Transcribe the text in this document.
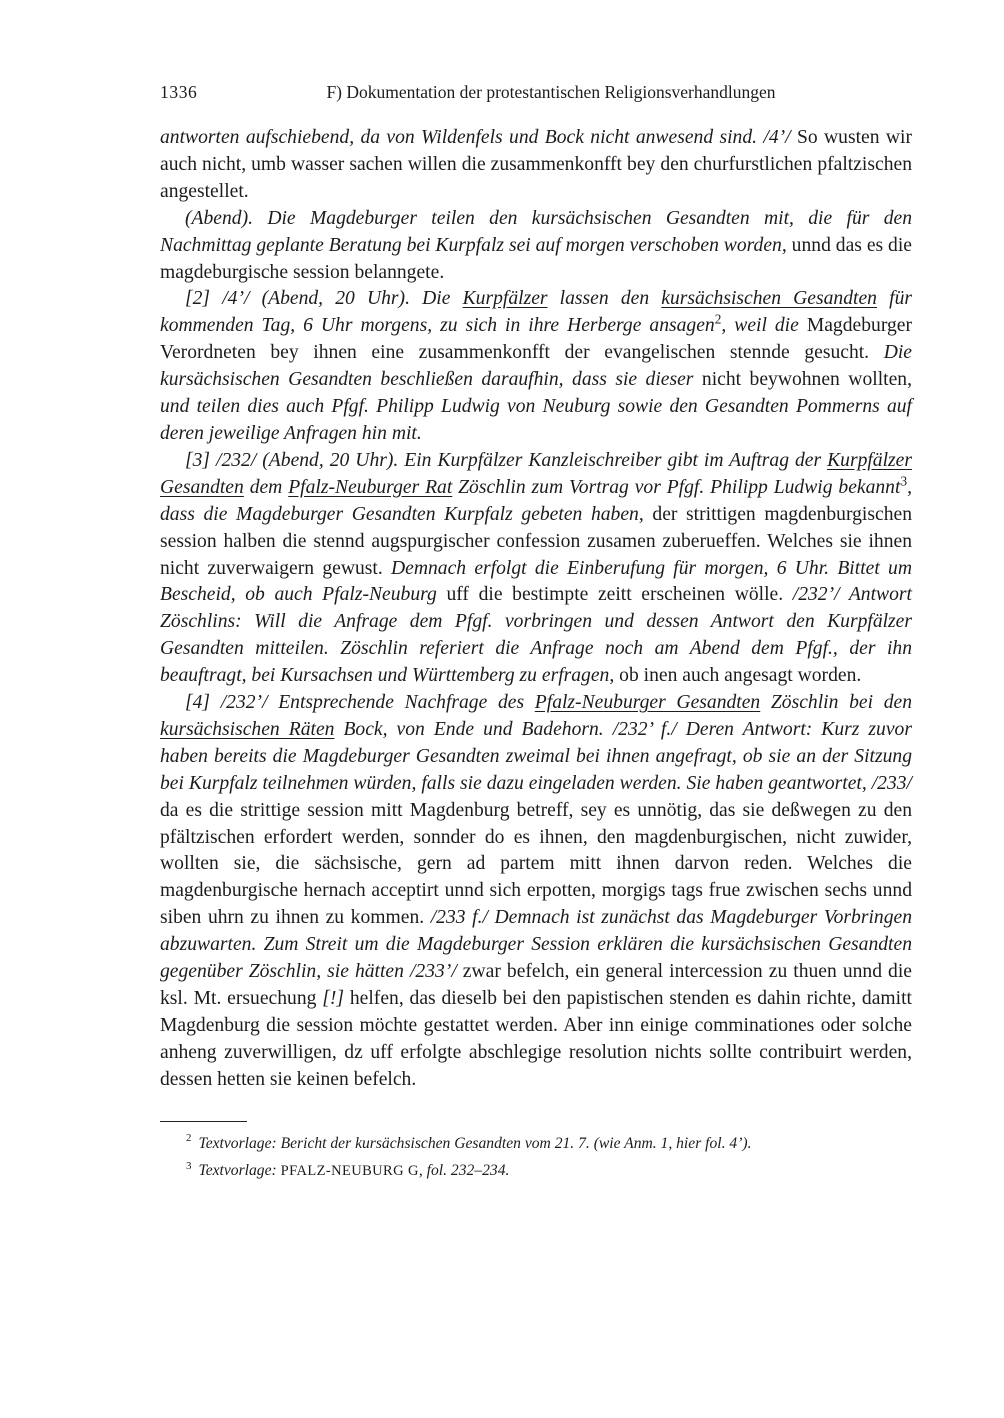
1336	F) Dokumentation der protestantischen Religionsverhandlungen

antworten aufschiebend, da von Wildenfels und Bock nicht anwesend sind. /4’/ So wusten wir auch nicht, umb wasser sachen willen die zusammenkonfft bey den churfurstlichen pfaltzischen angestellet.

(Abend). Die Magdeburger teilen den kursächsischen Gesandten mit, die für den Nachmittag geplante Beratung bei Kurpfalz sei auf morgen verschoben worden, unnd das es die magdeburgische session belanngete.

[2] /4’/ (Abend, 20 Uhr). Die Kurpfälzer lassen den kursächsischen Gesandten für kommenden Tag, 6 Uhr morgens, zu sich in ihre Herberge ansagen$^2$, weil die Magdeburger Verordneten bey ihnen eine zusammenkonfft der evangelischen stennde gesucht. Die kursächsischen Gesandten beschließen daraufhin, dass sie dieser nicht beywohnen wollten, und teilen dies auch Pfgf. Philipp Ludwig von Neuburg sowie den Gesandten Pommerns auf deren jeweilige Anfragen hin mit.

[3] /232/ (Abend, 20 Uhr). Ein Kurpfälzer Kanzleischreiber gibt im Auftrag der Kurpfälzer Gesandten dem Pfalz-Neuburger Rat Zöschlin zum Vortrag vor Pfgf. Philipp Ludwig bekannt$^3$, dass die Magdeburger Gesandten Kurpfalz gebeten haben, der strittigen magdenburgischen session halben die stennd augspurgischer confession zusamen zuberueffen. Welches sie ihnen nicht zuverwaigern gewust. Demnach erfolgt die Einberufung für morgen, 6 Uhr. Bittet um Bescheid, ob auch Pfalz-Neuburg uff die bestimpte zeitt erscheinen wölle. /232’/ Antwort Zöschlins: Will die Anfrage dem Pfgf. vorbringen und dessen Antwort den Kurpfälzer Gesandten mitteilen. Zöschlin referiert die Anfrage noch am Abend dem Pfgf., der ihn beauftragt, bei Kursachsen und Württemberg zu erfragen, ob inen auch angesagt worden.

[4] /232’/ Entsprechende Nachfrage des Pfalz-Neuburger Gesandten Zöschlin bei den kursächsischen Räten Bock, von Ende und Badehorn. /232’ f./ Deren Antwort: Kurz zuvor haben bereits die Magdeburger Gesandten zweimal bei ihnen angefragt, ob sie an der Sitzung bei Kurpfalz teilnehmen würden, falls sie dazu eingeladen werden. Sie haben geantwortet, /233/ da es die strittige session mitt Magdenburg betreff, sey es unnötig, das sie deßwegen zu den pfältzischen erfordert werden, sonnder do es ihnen, den magdenburgischen, nicht zuwider, wollten sie, die sächsische, gern ad partem mitt ihnen darvon reden. Welches die magdenburgische hernach acceptirt unnd sich erpotten, morgigs tags frue zwischen sechs unnd siben uhrn zu ihnen zu kommen. /233 f./ Demnach ist zunächst das Magdeburger Vorbringen abzuwarten. Zum Streit um die Magdeburger Session erklären die kursächsischen Gesandten gegenüber Zöschlin, sie hätten /233’/ zwar befelch, ein general intercession zu thuen unnd die ksl. Mt. ersuechung [!] helfen, das dieselb bei den papistischen stenden es dahin richte, damitt Magdenburg die session möchte gestattet werden. Aber inn einige comminationes oder solche anheng zuverwilligen, dz uff erfolgte abschlegige resolution nichts sollte contribuirt werden, dessen hetten sie keinen befelch.

$^2$ Textvorlage: Bericht der kursächsischen Gesandten vom 21. 7. (wie Anm. 1, hier fol. 4’).

$^3$ Textvorlage: PFALZ-NEUBURG G, fol. 232–234.
